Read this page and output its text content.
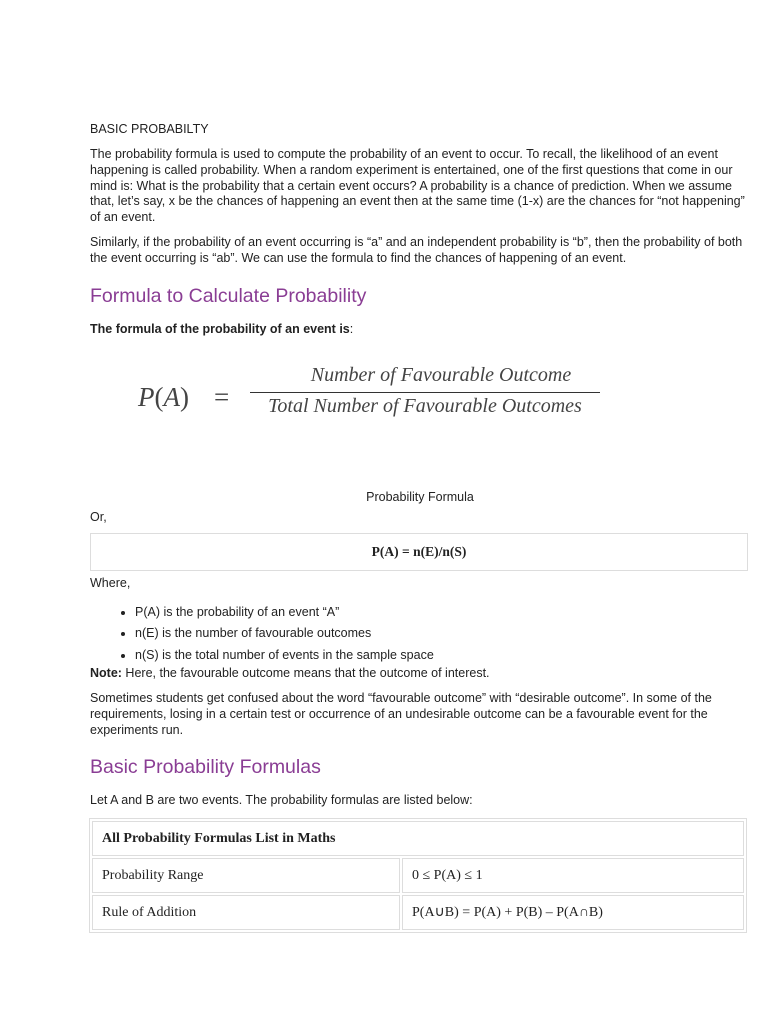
BASIC PROBABILTY

The probability formula is used to compute the probability of an event to occur. To recall, the likelihood of an event happening is called probability. When a random experiment is entertained, one of the first questions that come in our mind is: What is the probability that a certain event occurs? A probability is a chance of prediction. When we assume that, let’s say, x be the chances of happening an event then at the same time (1-x) are the chances for “not happening” of an event.

Similarly, if the probability of an event occurring is “a” and an independent probability is “b”, then the probability of both the event occurring is “ab”. We can use the formula to find the chances of happening of an event.

Formula to Calculate Probability
The formula of the probability of an event is:
P(A) =
Number of Favourable Outcome
Total Number of Favourable Outcomes
Probability Formula
Or,
P(A) = n(E)/n(S)
Where,
• P(A) is the probability of an event “A”
• n(E) is the number of favourable outcomes
• n(S) is the total number of events in the sample space
Note: Here, the favourable outcome means that the outcome of interest.

Sometimes students get confused about the word “favourable outcome” with “desirable outcome”. In some of the requirements, losing in a certain test or occurrence of an undesirable outcome can be a favourable event for the experiments run.

Basic Probability Formulas

Let A and B are two events. The probability formulas are listed below:

All Probability Formulas List in Maths	
Probability Range	0 ≤ P(A) ≤ 1
Rule of Addition	P(A∪B) = P(A) + P(B) – P(A∩B)
